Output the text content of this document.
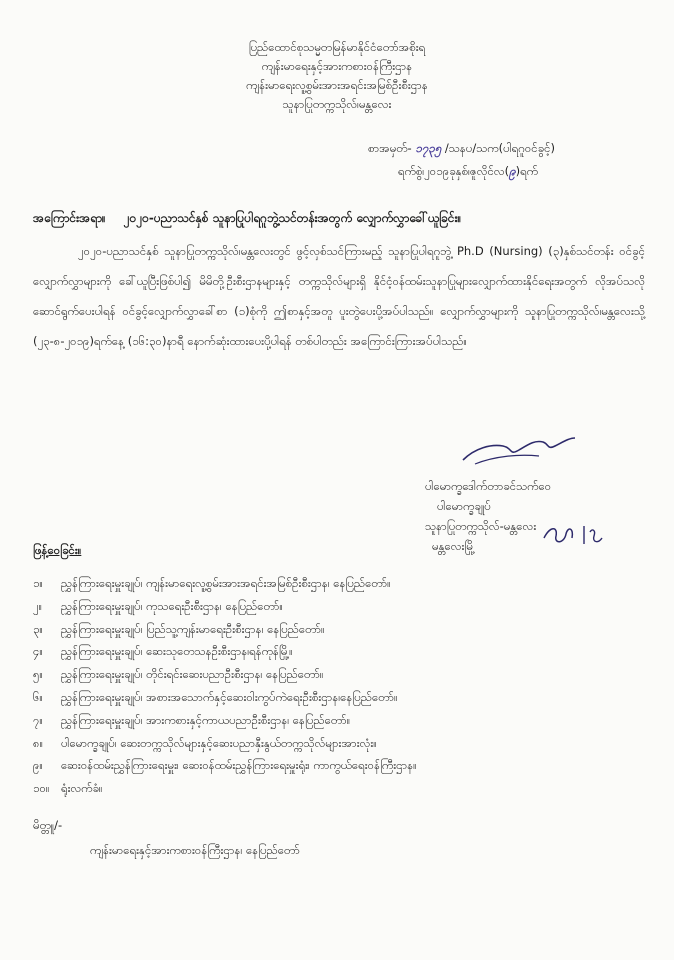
ပြည်ထောင်စုသမ္မတမြန်မာနိုင်ငံတော်အစိုးရ
ကျန်းမာရေးနှင့်အားကစားဝန်ကြီးဌာန
ကျန်းမာရေးလူ့စွမ်းအားအရင်းအမြစ်ဦးစီးဌာန
သူနာပြုတက္ကသိုလ်၊မန္တလေး
စာအမှတ်- ၁၇၃၅ /သနပ/သက(ပါရဂူဝင်ခွင့်)
ရက်စွဲ၊၂၀၁၉ခုနှစ်၊ဇူလိုင်လ(၉)ရက်
အကြောင်းအရာ။ ၂၀၂၀-ပညာသင်နှစ် သူနာပြုပါရဂူဘွဲ့သင်တန်းအတွက် လျှောက်လွှာခေါ်ယူခြင်း။
၂၀၂၀-ပညာသင်နှစ် သူနာပြုတက္ကသိုလ်၊မန္တလေးတွင် ဖွင့်လှစ်သင်ကြားမည့် သူနာပြုပါရဂူဘွဲ့ Ph.D (Nursing) (၃)နှစ်သင်တန်း ဝင်ခွင့်လျှောက်လွှာများကို ခေါ်ယူပြီးဖြစ်ပါ၍ မိမိတို့ဦးစီးဌာနများနှင့် တက္ကသိုလ်များရှိ နိုင်ငံ့ဝန်ထမ်းသူနာပြုများလျှောက်ထားနိုင်ရေးအတွက် လိုအပ်သလို ဆောင်ရွက်ပေးပါရန် ဝင်ခွင့်လျှောက်လွှာခေါ်စာ (၁)စုံကို ဤစာနှင့်အတူ ပူးတွဲပေးပို့အပ်ပါသည်။ လျှောက်လွှာများကို သူနာပြုတက္ကသိုလ်၊မန္တလေးသို့ (၂၃-၈-၂၀၁၉)ရက်နေ့ (၁၆:၃၀)နာရီ နောက်ဆုံးထားပေးပို့ပါရန် တစ်ပါတည်း အကြောင်းကြားအပ်ပါသည်။
ပါမောက္ခဒေါက်တာခင်သက်ဝေ
ပါမောက္ခချုပ်
သူနာပြုတက္ကသိုလ်-မန္တလေး
မန္တလေးမြို့
ဖြန့်ဝေခြင်း။
၁။ ညွှန်ကြားရေးမှူးချုပ်၊ ကျန်းမာရေးလူ့စွမ်းအားအရင်းအမြစ်ဦးစီးဌာန၊ နေပြည်တော်။
၂။ ညွှန်ကြားရေးမှူးချုပ်၊ ကုသရေးဦးစီးဌာန၊ နေပြည်တော်။
၃။ ညွှန်ကြားရေးမှူးချုပ်၊ ပြည်သူ့ကျန်းမာရေးဦးစီးဌာန၊ နေပြည်တော်။
၄။ ညွှန်ကြားရေးမှူးချုပ်၊ ဆေးသုတေသနဦးစီးဌာန၊ရန်ကုန်မြို့။
၅။ ညွှန်ကြားရေးမှူးချုပ်၊ တိုင်းရင်းဆေးပညာဦးစီးဌာန၊ နေပြည်တော်။
၆။ ညွှန်ကြားရေးမှူးချုပ်၊ အစားအသောက်နှင့်ဆေးဝါးကွပ်ကဲရေးဦးစီးဌာန၊နေပြည်တော်။
၇။ ညွှန်ကြားရေးမှူးချုပ်၊ အားကစားနှင့်ကာယပညာဦးစီးဌာန၊ နေပြည်တော်။
၈။ ပါမောက္ခချုပ်၊ ဆေးတက္ကသိုလ်များနှင့်ဆေးပညာနှီးနွယ်တက္ကသိုလ်များအားလုံး။
၉။ ဆေးဝန်ထမ်းညွှန်ကြားရေးမှူး၊ ဆေးဝန်ထမ်းညွှန်ကြားရေးမှူးရုံး၊ ကာကွယ်ရေးဝန်ကြီးဌာန။
၁၀။ ရုံးလက်ခံ။
မိတ္တူ/-
ကျန်းမာရေးနှင့်အားကစားဝန်ကြီးဌာန၊ နေပြည်တော်
